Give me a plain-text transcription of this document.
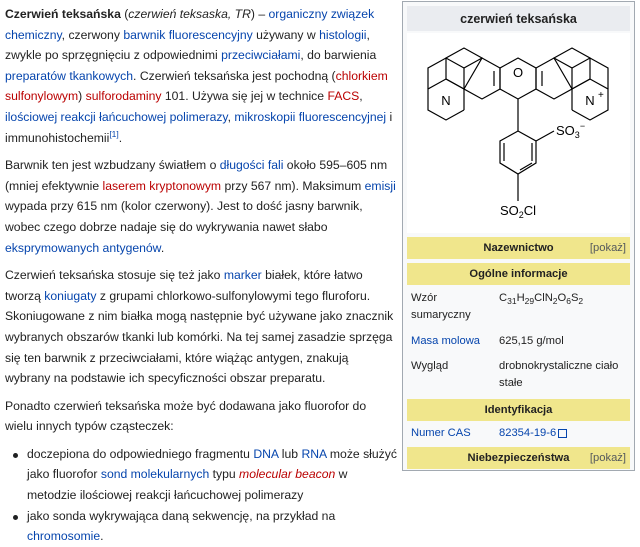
Czerwień teksańska (czerwień teksaska, TR) – organiczny związek chemiczny, czerwony barwnik fluorescencyjny używany w histologii, zwykle po sprzęgnięciu z odpowiednimi przeciwciałami, do barwienia preparatów tkankowych. Czerwień teksańska jest pochodną (chlorkiem sulfonylowym) sulforodaminy 101. Używa się jej w technice FACS, ilościowej reakcji łańcuchowej polimerazy, mikroskopii fluorescencyjnej i immunohistochemii[1].

Barwnik ten jest wzbudzany światłem o długości fali około 595–605 nm (mniej efektywnie laserem kryptonowym przy 567 nm). Maksimum emisji wypada przy 615 nm (kolor czerwony). Jest to dość jasny barwnik, wobec czego dobrze nadaje się do wykrywania nawet słabo eksprymowanych antygenów.

Czerwień teksańska stosuje się też jako marker białek, które łatwo tworzą koniugaty z grupami chlorkowo-sulfonylowymi tego fluroforu. Skoniugowane z nim białka mogą następnie być używane jako znacznik wybranych obszarów tkanki lub komórki. Na tej samej zasadzie sprzęga się ten barwnik z przeciwciałami, które wiążąc antygen, znakują wybrany na podstawie ich specyficzności obszar preparatu.

Ponadto czerwień teksańska może być dodawana jako fluorofor do wielu innych typów cząsteczek:

doczepiona do odpowiedniego fragmentu DNA lub RNA może służyć jako fluorofor sond molekularnych typu molecular beacon w metodzie ilościowej reakcji łańcuchowej polimerazy
jako sonda wykrywająca daną sekwencję, na przykład na chromosomie.
czerwień teksańska
O
N	N +
$SO_3^-$
$SO_2Cl$
Nazewnictwo	[pokaż]
Ogólne informacje
Wzór sumaryczny
$C_{31}H_{29}ClN_2O_6S_2$
Masa molowa	625,15 g/mol
Wygląd	drobnokrystaliczne ciało stałe
Identyfikacja
Numer CAS	82354-19-6
Niebezpieczeństwa [pokaż]
